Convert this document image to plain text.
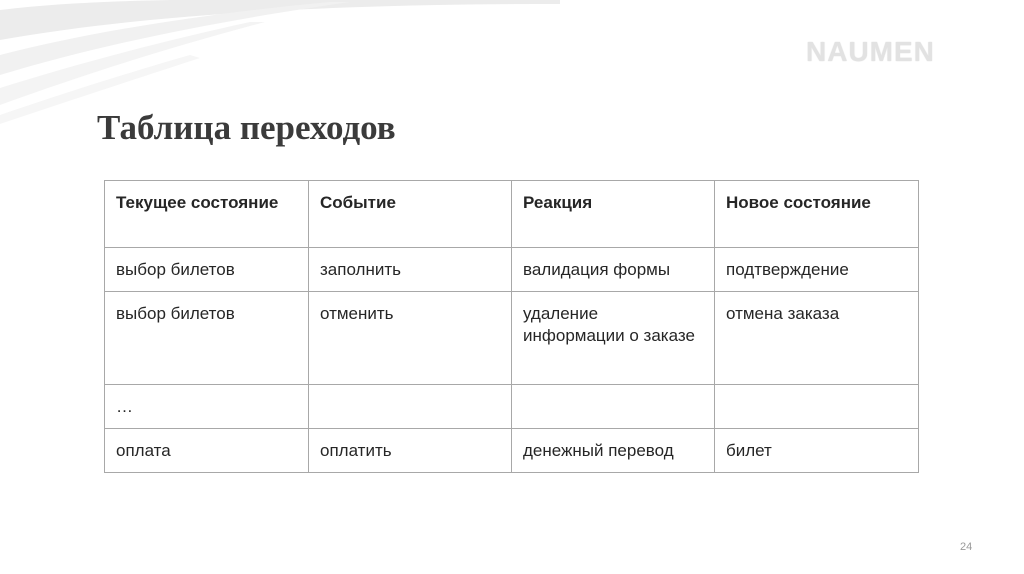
NAUMEN
Таблица переходов
Текущее состояние	Событие	Реакция	Новое состояние
выбор билетов	заполнить	валидация формы	подтверждение
выбор билетов	отменить	удаление информации о заказе	отмена заказа
…			
оплата	оплатить	денежный перевод	билет
24
